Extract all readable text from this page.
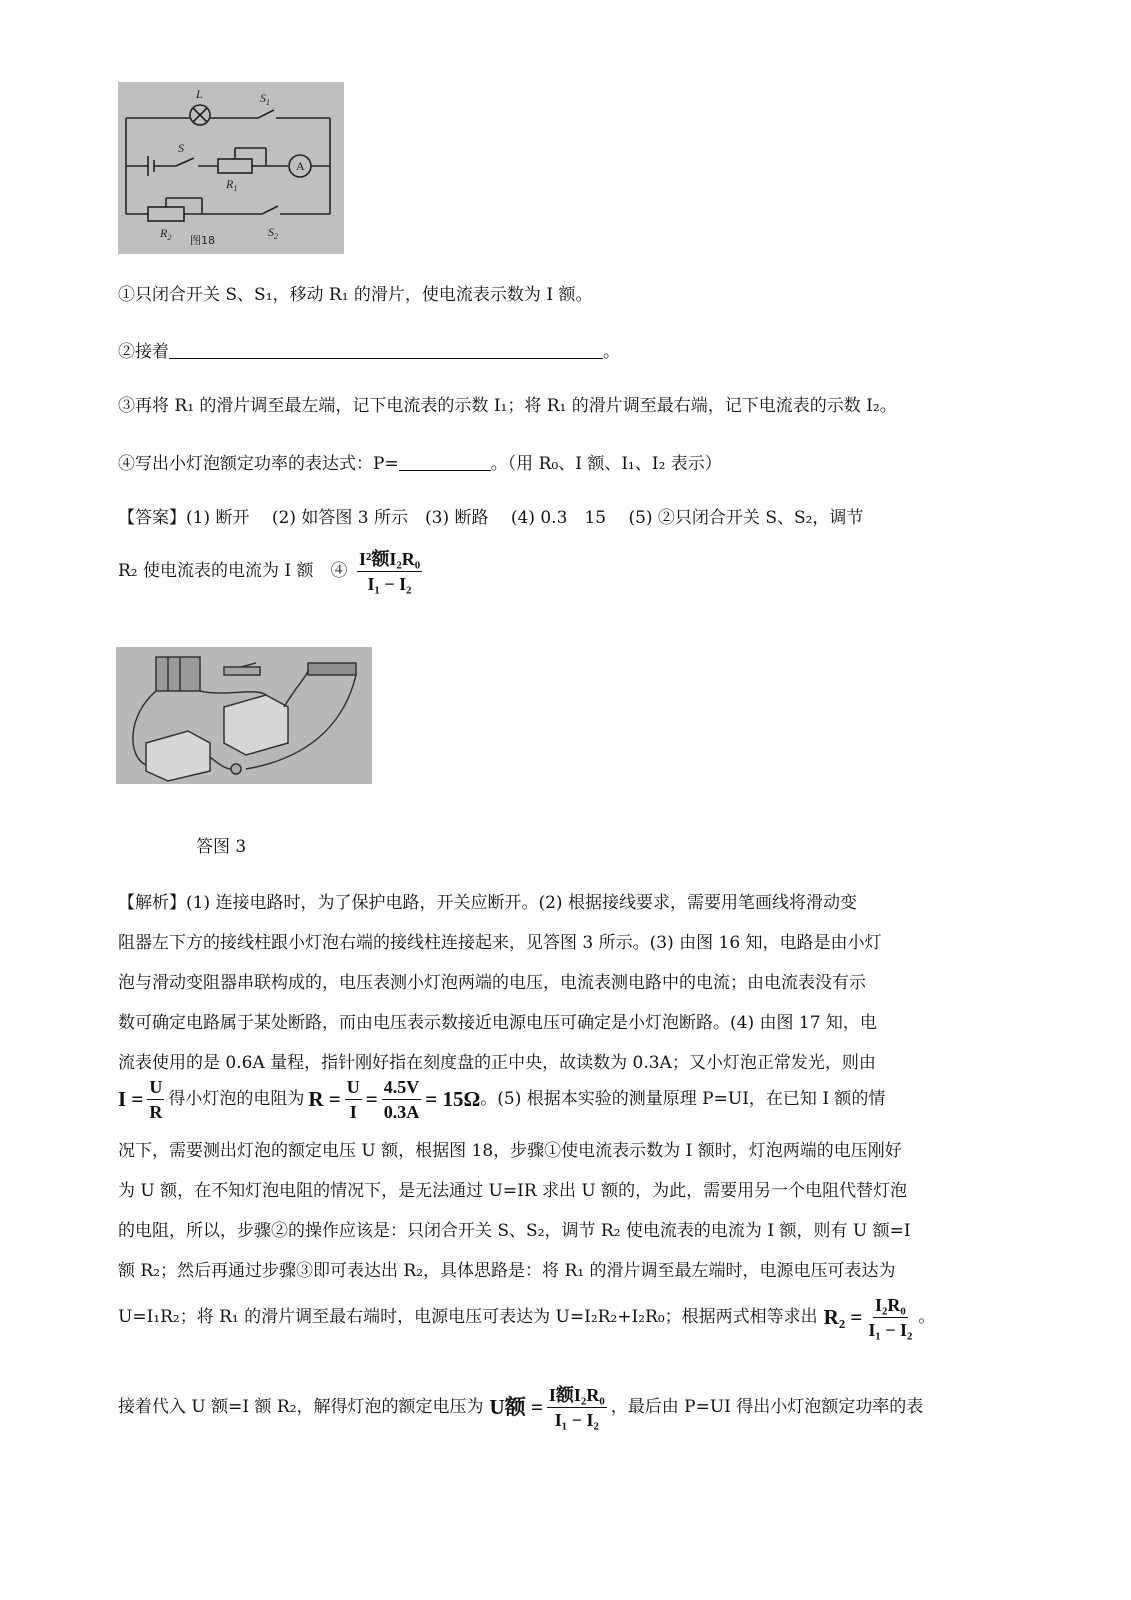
L	$S_1$
S
A
$R_1$
$R_2$	$S_2$
图18
①只闭合开关 S、S₁，移动 R₁ 的滑片，使电流表示数为 I 额。
②接着	。
③再将 R₁ 的滑片调至最左端，记下电流表的示数 I₁；将 R₁ 的滑片调至最右端，记下电流表的示数 I₂。
④写出小灯泡额定功率的表达式：P=	。（用 R₀、I 额、I₁、I₂ 表示）
【答案】(1) 断开　 (2) 如答图 3 所示　(3) 断路　 (4) 0.3　15　 (5) ②只闭合开关 S、S₂，调节
R₂ 使电流表的电流为 I 额　④ $\frac{\text{I²额I₂R₀}}{\text{I₁ − I₂}}$
答图 3
【解析】(1) 连接电路时，为了保护电路，开关应断开。(2) 根据接线要求，需要用笔画线将滑动变
阻器左下方的接线柱跟小灯泡右端的接线柱连接起来，见答图 3 所示。(3) 由图 16 知，电路是由小灯
泡与滑动变阻器串联构成的，电压表测小灯泡两端的电压，电流表测电路中的电流；由电流表没有示
数可确定电路属于某处断路，而由电压表示数接近电源电压可确定是小灯泡断路。(4) 由图 17 知，电
流表使用的是 0.6A 量程，指针刚好指在刻度盘的正中央，故读数为 0.3A；又小灯泡正常发光，则由
$I = \frac{U}{R}$ 得小灯泡的电阻为 $R = \frac{U}{I} = \frac{4.5V}{0.3A} = 15\Omega$ 。(5) 根据本实验的测量原理 P=UI，在已知 I 额的情
况下，需要测出灯泡的额定电压 U 额，根据图 18，步骤①使电流表示数为 I 额时，灯泡两端的电压刚好
为 U 额，在不知灯泡电阻的情况下，是无法通过 U=IR 求出 U 额的，为此，需要用另一个电阻代替灯泡
的电阻，所以，步骤②的操作应该是：只闭合开关 S、S₂，调节 R₂ 使电流表的电流为 I 额，则有 U 额=I
额 R₂；然后再通过步骤③即可表达出 R₂，具体思路是：将 R₁ 的滑片调至最左端时，电源电压可表达为
U=I₁R₂；将 R₁ 的滑片调至最右端时，电源电压可表达为 U=I₂R₂+I₂R₀；根据两式相等求出 $R_2 = \frac{\text{I₂R₀}}{\text{I₁ − I₂}}$ 。
接着代入 U 额=I 额 R₂，解得灯泡的额定电压为 U额 = $\frac{\text{I额I₂R₀}}{\text{I₁ − I₂}}$ ，最后由 P=UI 得出小灯泡额定功率的表
